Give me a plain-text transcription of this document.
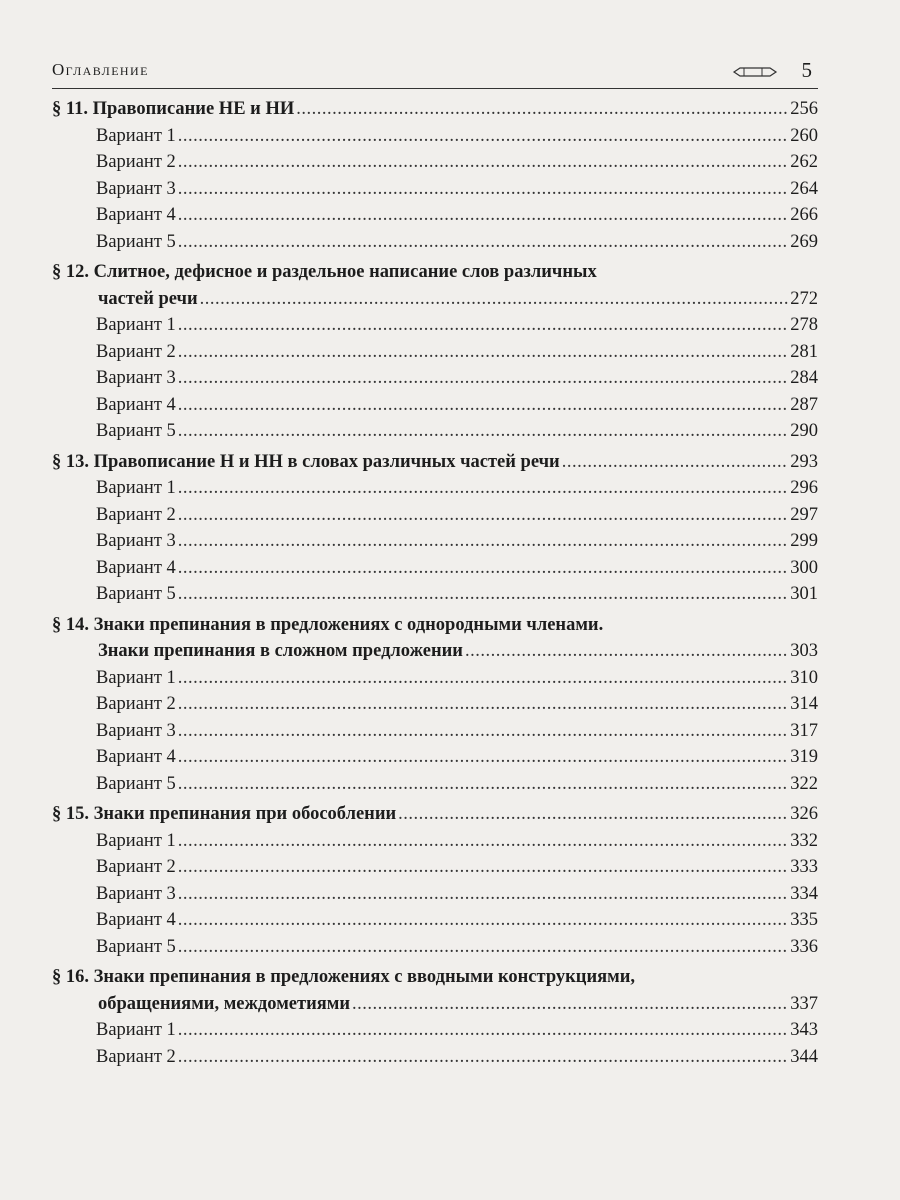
Оглавление	5
§ 11. Правописание НЕ и НИ .....	256
Вариант 1 .....	260
Вариант 2 .....	262
Вариант 3 .....	264
Вариант 4 .....	266
Вариант 5 .....	269
§ 12. Слитное, дефисное и раздельное написание слов различных
частей речи .....	272
Вариант 1 .....	278
Вариант 2 .....	281
Вариант 3 .....	284
Вариант 4 .....	287
Вариант 5 .....	290
§ 13. Правописание Н и НН в словах различных частей речи .....	293
Вариант 1 .....	296
Вариант 2 .....	297
Вариант 3 .....	299
Вариант 4 .....	300
Вариант 5 .....	301
§ 14. Знаки препинания в предложениях с однородными членами.
Знаки препинания в сложном предложении .....	303
Вариант 1 .....	310
Вариант 2 .....	314
Вариант 3 .....	317
Вариант 4 .....	319
Вариант 5 .....	322
§ 15. Знаки препинания при обособлении .....	326
Вариант 1 .....	332
Вариант 2 .....	333
Вариант 3 .....	334
Вариант 4 .....	335
Вариант 5 .....	336
§ 16. Знаки препинания в предложениях с вводными конструкциями,
обращениями, междометиями .....	337
Вариант 1 .....	343
Вариант 2 .....	344
